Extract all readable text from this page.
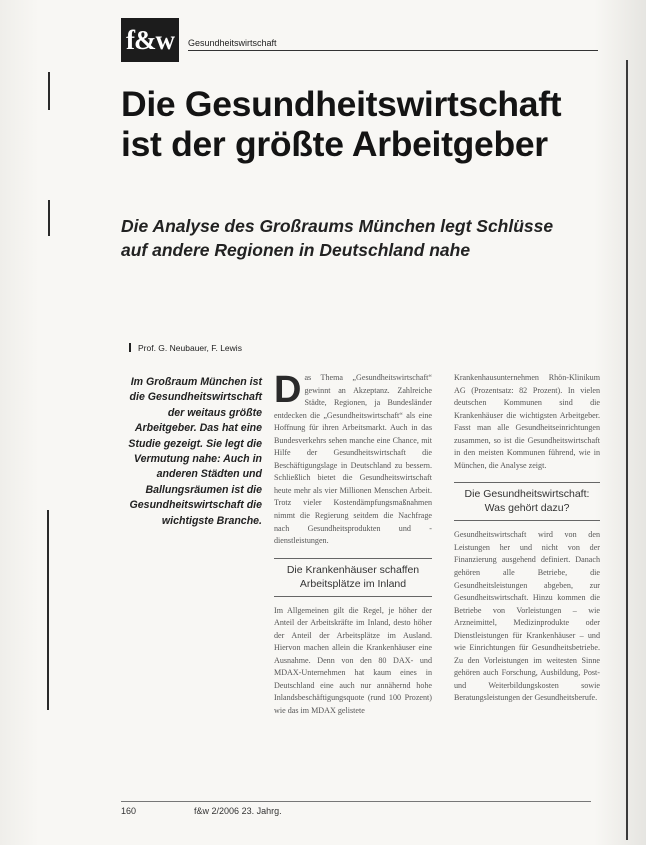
f&w	Gesundheitswirtschaft
Die Gesundheitswirtschaft
ist der größte Arbeitgeber
Die Analyse des Großraums München legt Schlüsse
auf andere Regionen in Deutschland nahe
Prof. G. Neubauer, F. Lewis
Im Großraum München ist die Gesundheitswirtschaft der weitaus größte Arbeitgeber. Das hat eine Studie gezeigt. Sie legt die Vermutung nahe: Auch in anderen Städten und Ballungsräumen ist die Gesundheitswirtschaft die wichtigste Branche.

Das Thema „Gesundheitswirtschaft“ gewinnt an Akzeptanz. Zahlreiche Städte, Regionen, ja Bundesländer entdecken die „Gesundheitswirtschaft“ als eine Hoffnung für ihren Arbeitsmarkt. Auch in das Bundesverkehrs sehen manche eine Chance, mit Hilfe der Gesundheitswirtschaft die Beschäftigungslage in Deutschland zu bessern. Schließlich bietet die Gesundheitswirtschaft heute mehr als vier Millionen Menschen Arbeit. Trotz vieler Kostendämpfungsmaßnahmen nimmt die Regierung seitdem die Nachfrage nach Gesundheitsprodukten und -dienstleistungen.

Die Krankenhäuser schaffen Arbeitsplätze im Inland

Im Allgemeinen gilt die Regel, je höher der Anteil der Arbeitskräfte im Inland, desto höher der Anteil der Arbeitsplätze im Ausland. Hiervon machen allein die Krankenhäuser eine Ausnahme. Denn von den 80 DAX- und MDAX-Unternehmen hat kaum eines in Deutschland eine auch nur annähernd hohe Inlandsbeschäftigungsquote (rund 100 Prozent) wie das im MDAX gelistete

Krankenhausunternehmen Rhön-Klinikum AG (Prozentsatz: 82 Prozent). In vielen deutschen Kommunen sind die Krankenhäuser die wichtigsten Arbeitgeber. Fasst man alle Gesundheitseinrichtungen zusammen, so ist die Gesundheitswirtschaft in den meisten Kommunen führend, wie in München, die Analyse zeigt.

Die Gesundheitswirtschaft: Was gehört dazu?

Gesundheitswirtschaft wird von den Leistungen her und nicht von der Finanzierung ausgehend definiert. Danach gehören alle Betriebe, die Gesundheitsleistungen abgeben, zur Gesundheitswirtschaft. Hinzu kommen die Betriebe von Vorleistungen – wie Arzneimittel, Medizinprodukte oder Dienstleistungen für Krankenhäuser – und wie Einrichtungen für Gesundheitsbetriebe. Zu den Vorleistungen im weitesten Sinne gehören auch Forschung, Ausbildung, Post- und Weiterbildungskosten sowie Beratungsleistungen der Gesundheitsberufe.

160	f&w 2/2006 23. Jahrg.
